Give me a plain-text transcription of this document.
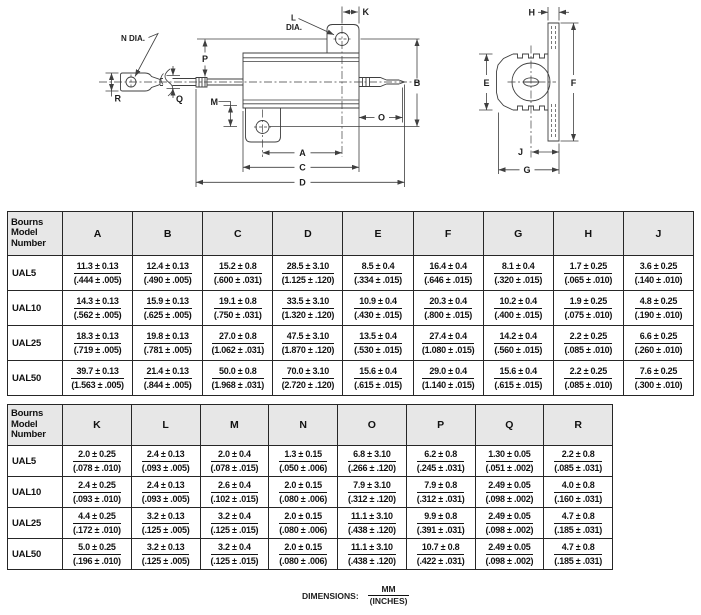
R	Q
N DIA.
P
M
K
L
DIA.
B
O
A
C
D
E	F
H
J
G
Bourns
Model
Number	A	B	C	D	E	F	G	H	J
UAL5	$\frac{11.3 \pm 0.13}{(.444 \pm .005)}$	$\frac{12.4 \pm 0.13}{(.490 \pm .005)}$	$\frac{15.2 \pm 0.8}{(.600 \pm .031)}$	$\frac{28.5 \pm 3.10}{(1.125 \pm .120)}$	$\frac{8.5 \pm 0.4}{(.334 \pm .015)}$	$\frac{16.4 \pm 0.4}{(.646 \pm .015)}$	$\frac{8.1 \pm 0.4}{(.320 \pm .015)}$	$\frac{1.7 \pm 0.25}{(.065 \pm .010)}$	$\frac{3.6 \pm 0.25}{(.140 \pm .010)}$

UAL10	$\frac{14.3 \pm 0.13}{(.562 \pm .005)}$	$\frac{15.9 \pm 0.13}{(.625 \pm .005)}$	$\frac{19.1 \pm 0.8}{(.750 \pm .031)}$	$\frac{33.5 \pm 3.10}{(1.320 \pm .120)}$	$\frac{10.9 \pm 0.4}{(.430 \pm .015)}$	$\frac{20.3 \pm 0.4}{(.800 \pm .015)}$	$\frac{10.2 \pm 0.4}{(.400 \pm .015)}$	$\frac{1.9 \pm 0.25}{(.075 \pm .010)}$	$\frac{4.8 \pm 0.25}{(.190 \pm .010)}$

UAL25	$\frac{18.3 \pm 0.13}{(.719 \pm .005)}$	$\frac{19.8 \pm 0.13}{(.781 \pm .005)}$	$\frac{27.0 \pm 0.8}{(1.062 \pm .031)}$	$\frac{47.5 \pm 3.10}{(1.870 \pm .120)}$	$\frac{13.5 \pm 0.4}{(.530 \pm .015)}$	$\frac{27.4 \pm 0.4}{(1.080 \pm .015)}$	$\frac{14.2 \pm 0.4}{(.560 \pm .015)}$	$\frac{2.2 \pm 0.25}{(.085 \pm .010)}$	$\frac{6.6 \pm 0.25}{(.260 \pm .010)}$

UAL50	$\frac{39.7 \pm 0.13}{(1.563 \pm .005)}$	$\frac{21.4 \pm 0.13}{(.844 \pm .005)}$	$\frac{50.0 \pm 0.8}{(1.968 \pm .031)}$	$\frac{70.0 \pm 3.10}{(2.720 \pm .120)}$	$\frac{15.6 \pm 0.4}{(.615 \pm .015)}$	$\frac{29.0 \pm 0.4}{(1.140 \pm .015)}$	$\frac{15.6 \pm 0.4}{(.615 \pm .015)}$	$\frac{2.2 \pm 0.25}{(.085 \pm .010)}$	$\frac{7.6 \pm 0.25}{(.300 \pm .010)}$
Bourns
Model
Number	K	L	M	N	O	P	Q	R
UAL5	$\frac{2.0 \pm 0.25}{(.078 \pm .010)}$	$\frac{2.4 \pm 0.13}{(.093 \pm .005)}$	$\frac{2.0 \pm 0.4}{(.078 \pm .015)}$	$\frac{1.3 \pm 0.15}{(.050 \pm .006)}$	$\frac{6.8 \pm 3.10}{(.266 \pm .120)}$	$\frac{6.2 \pm 0.8}{(.245 \pm .031)}$	$\frac{1.30 \pm 0.05}{(.051 \pm .002)}$	$\frac{2.2 \pm 0.8}{(.085 \pm .031)}$

UAL10	$\frac{2.4 \pm 0.25}{(.093 \pm .010)}$	$\frac{2.4 \pm 0.13}{(.093 \pm .005)}$	$\frac{2.6 \pm 0.4}{(.102 \pm .015)}$	$\frac{2.0 \pm 0.15}{(.080 \pm .006)}$	$\frac{7.9 \pm 3.10}{(.312 \pm .120)}$	$\frac{7.9 \pm 0.8}{(.312 \pm .031)}$	$\frac{2.49 \pm 0.05}{(.098 \pm .002)}$	$\frac{4.0 \pm 0.8}{(.160 \pm .031)}$

UAL25	$\frac{4.4 \pm 0.25}{(.172 \pm .010)}$	$\frac{3.2 \pm 0.13}{(.125 \pm .005)}$	$\frac{3.2 \pm 0.4}{(.125 \pm .015)}$	$\frac{2.0 \pm 0.15}{(.080 \pm .006)}$	$\frac{11.1 \pm 3.10}{(.438 \pm .120)}$	$\frac{9.9 \pm 0.8}{(.391 \pm .031)}$	$\frac{2.49 \pm 0.05}{(.098 \pm .002)}$	$\frac{4.7 \pm 0.8}{(.185 \pm .031)}$

UAL50	$\frac{5.0 \pm 0.25}{(.196 \pm .010)}$	$\frac{3.2 \pm 0.13}{(.125 \pm .005)}$	$\frac{3.2 \pm 0.4}{(.125 \pm .015)}$	$\frac{2.0 \pm 0.15}{(.080 \pm .006)}$	$\frac{11.1 \pm 3.10}{(.438 \pm .120)}$	$\frac{10.7 \pm 0.8}{(.422 \pm .031)}$	$\frac{2.49 \pm 0.05}{(.098 \pm .002)}$	$\frac{4.7 \pm 0.8}{(.185 \pm .031)}$
DIMENSIONS: $\frac{MM}{\text{(INCHES)}}$
